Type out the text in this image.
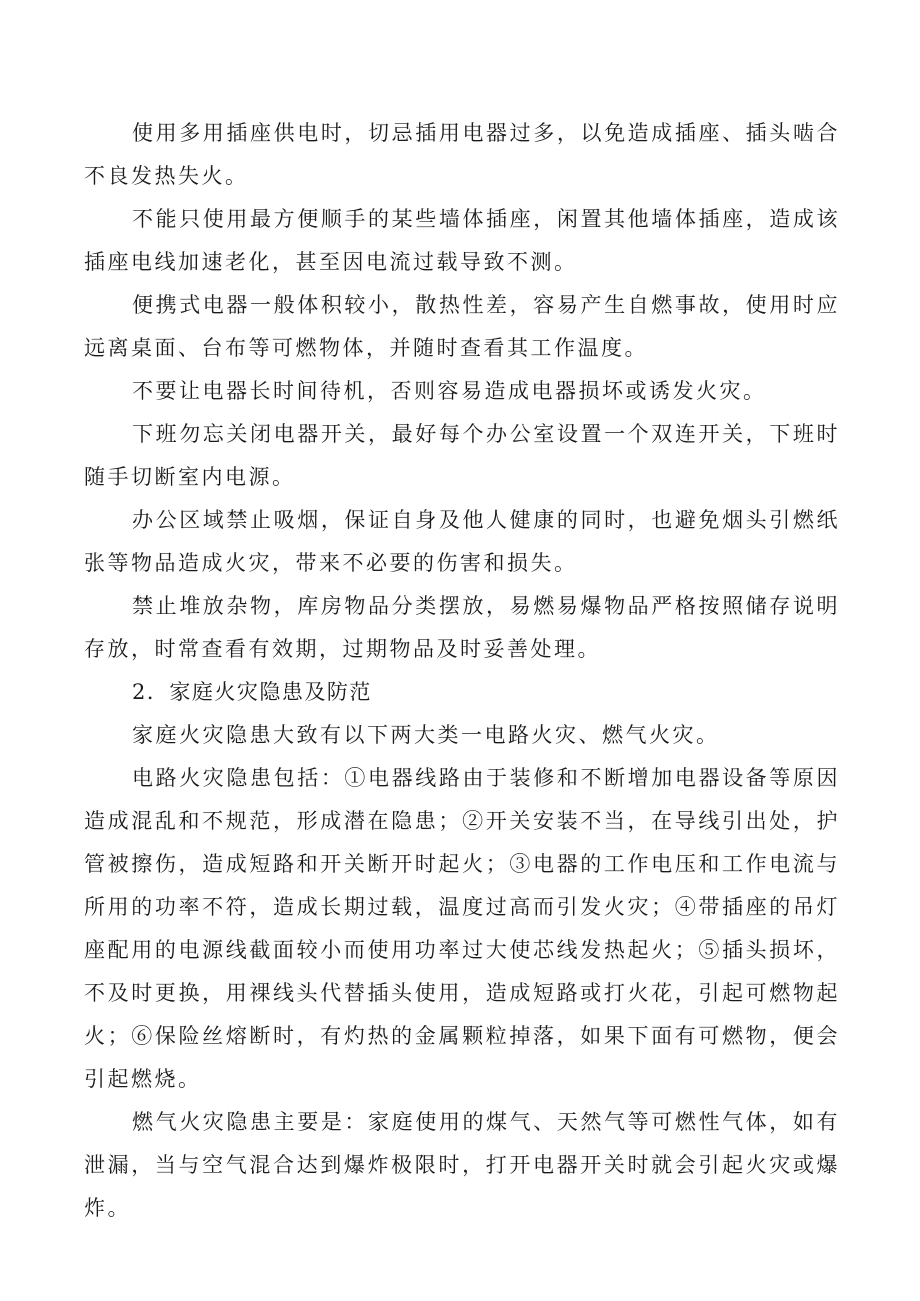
使用多用插座供电时，切忌插用电器过多，以免造成插座、插头啮合不良发热失火。

不能只使用最方便顺手的某些墙体插座，闲置其他墙体插座，造成该插座电线加速老化，甚至因电流过载导致不测。

便携式电器一般体积较小，散热性差，容易产生自燃事故，使用时应远离桌面、台布等可燃物体，并随时查看其工作温度。

不要让电器长时间待机，否则容易造成电器损坏或诱发火灾。

下班勿忘关闭电器开关，最好每个办公室设置一个双连开关，下班时随手切断室内电源。

办公区域禁止吸烟，保证自身及他人健康的同时，也避免烟头引燃纸张等物品造成火灾，带来不必要的伤害和损失。

禁止堆放杂物，库房物品分类摆放，易燃易爆物品严格按照储存说明存放，时常查看有效期，过期物品及时妥善处理。

2．家庭火灾隐患及防范

家庭火灾隐患大致有以下两大类一电路火灾、燃气火灾。

电路火灾隐患包括：①电器线路由于装修和不断增加电器设备等原因造成混乱和不规范，形成潜在隐患；②开关安装不当，在导线引出处，护管被擦伤，造成短路和开关断开时起火；③电器的工作电压和工作电流与所用的功率不符，造成长期过载，温度过高而引发火灾；④带插座的吊灯座配用的电源线截面较小而使用功率过大使芯线发热起火；⑤插头损坏，不及时更换，用裸线头代替插头使用，造成短路或打火花，引起可燃物起火；⑥保险丝熔断时，有灼热的金属颗粒掉落，如果下面有可燃物，便会引起燃烧。

燃气火灾隐患主要是：家庭使用的煤气、天然气等可燃性气体，如有泄漏，当与空气混合达到爆炸极限时，打开电器开关时就会引起火灾或爆炸。
